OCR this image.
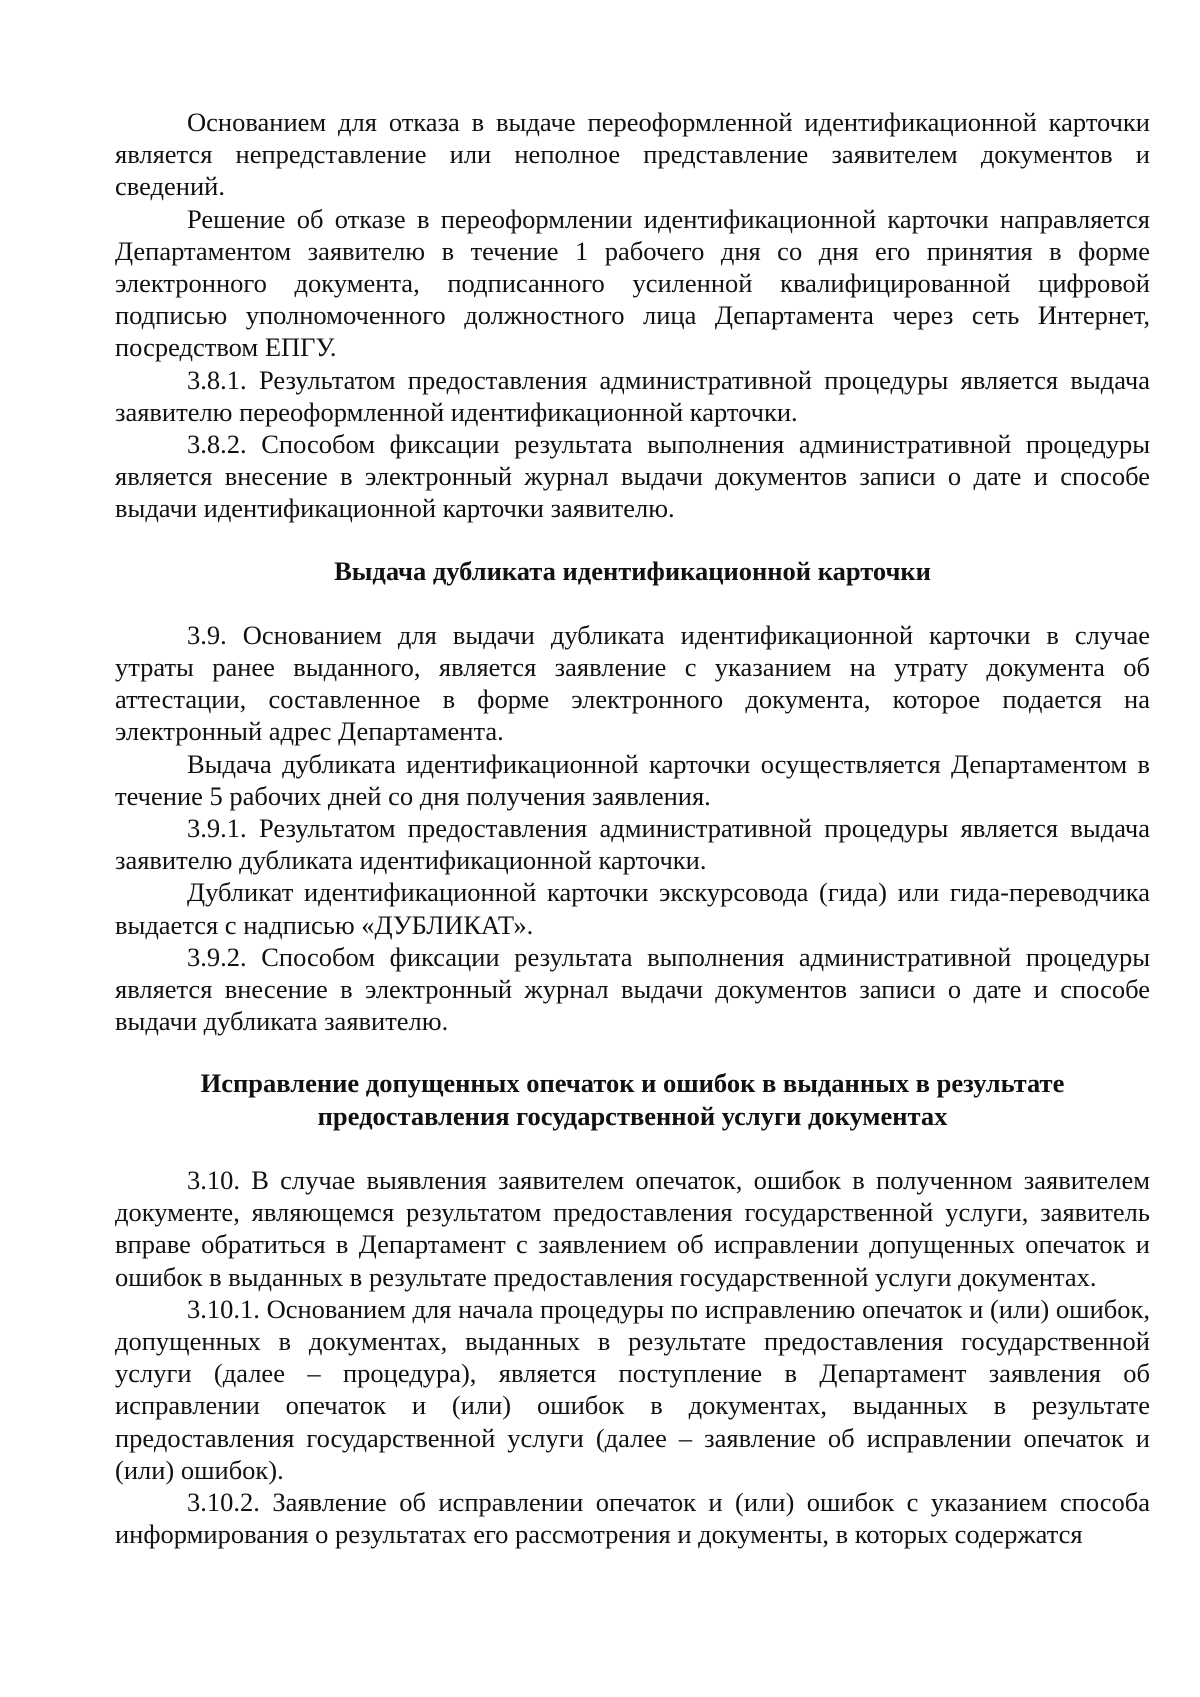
Основанием для отказа в выдаче переоформленной идентификационной карточки является непредставление или неполное представление заявителем документов и сведений.

Решение об отказе в переоформлении идентификационной карточки направляется Департаментом заявителю в течение 1 рабочего дня со дня его принятия в форме электронного документа, подписанного усиленной квалифицированной цифровой подписью уполномоченного должностного лица Департамента через сеть Интернет, посредством ЕПГУ.

3.8.1. Результатом предоставления административной процедуры является выдача заявителю переоформленной идентификационной карточки.

3.8.2. Способом фиксации результата выполнения административной процедуры является внесение в электронный журнал выдачи документов записи о дате и способе выдачи идентификационной карточки заявителю.

Выдача дубликата идентификационной карточки

3.9. Основанием для выдачи дубликата идентификационной карточки в случае утраты ранее выданного, является заявление с указанием на утрату документа об аттестации, составленное в форме электронного документа, которое подается на электронный адрес Департамента.

Выдача дубликата идентификационной карточки осуществляется Департаментом в течение 5 рабочих дней со дня получения заявления.

3.9.1. Результатом предоставления административной процедуры является выдача заявителю дубликата идентификационной карточки.

Дубликат идентификационной карточки экскурсовода (гида) или гида-переводчика выдается с надписью «ДУБЛИКАТ».

3.9.2. Способом фиксации результата выполнения административной процедуры является внесение в электронный журнал выдачи документов записи о дате и способе выдачи дубликата заявителю.

Исправление допущенных опечаток и ошибок в выданных в результате
предоставления государственной услуги документах

3.10. В случае выявления заявителем опечаток, ошибок в полученном заявителем документе, являющемся результатом предоставления государственной услуги, заявитель вправе обратиться в Департамент с заявлением об исправлении допущенных опечаток и ошибок в выданных в результате предоставления государственной услуги документах.

3.10.1. Основанием для начала процедуры по исправлению опечаток и (или) ошибок, допущенных в документах, выданных в результате предоставления государственной услуги (далее – процедура), является поступление в Департамент заявления об исправлении опечаток и (или) ошибок в документах, выданных в результате предоставления государственной услуги (далее – заявление об исправлении опечаток и (или) ошибок).

3.10.2. Заявление об исправлении опечаток и (или) ошибок с указанием способа информирования о результатах его рассмотрения и документы, в которых содержатся
